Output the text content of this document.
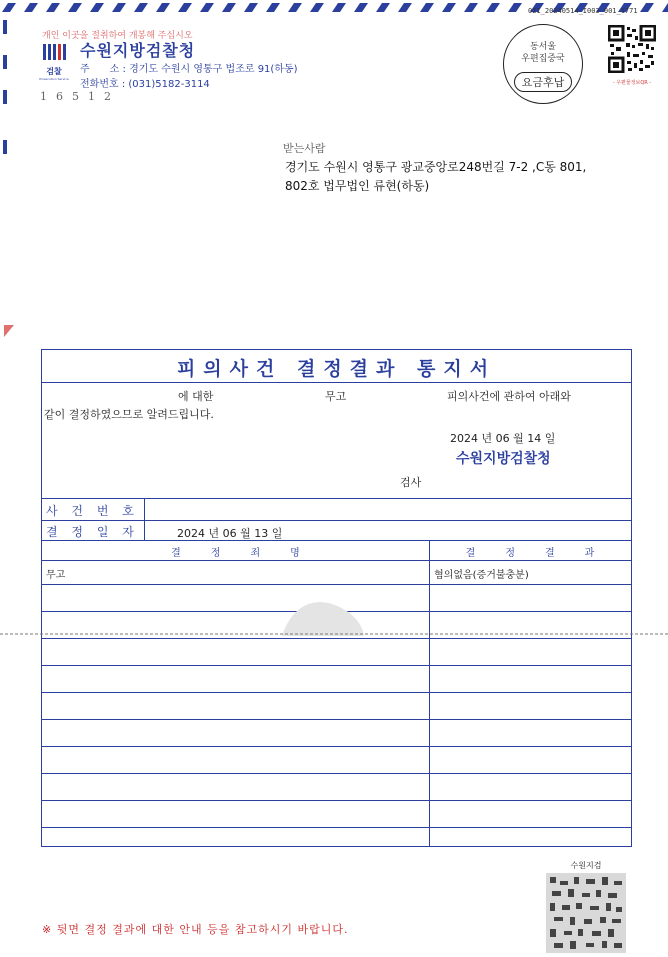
021_20240514_I003_001_1771
개인 이곳을 절취하여 개봉해 주십시오
검찰
Prosecution Service
수원지방검찰청
주　　소 : 경기도 수원시 영통구 법조로 91(하동)
전화번호 : (031)5182-3114
16512
동서울
우편집중국
요금후납	- 우편물정보QR -
받는사람
경기도 수원시 영통구 광교중앙로248번길 7-2 ,C동 801,
802호 법무법인 류현(하동)
피의사건 결정결과 통지서
에 대한	무고	피의사건에 관하여 아래와
같이 결정하였으므로 알려드립니다.
2024 년 06 월 14 일
수원지방검찰청
검사
사 건 번 호
결 정 일 자	2024 년 06 월 13 일
결　　　정　　　죄　　　명	결　　　정　　　결　　　과
무고	혐의없음(증거불충분)
수원지검
※ 뒷면 결정 결과에 대한 안내 등을 참고하시기 바랍니다.
